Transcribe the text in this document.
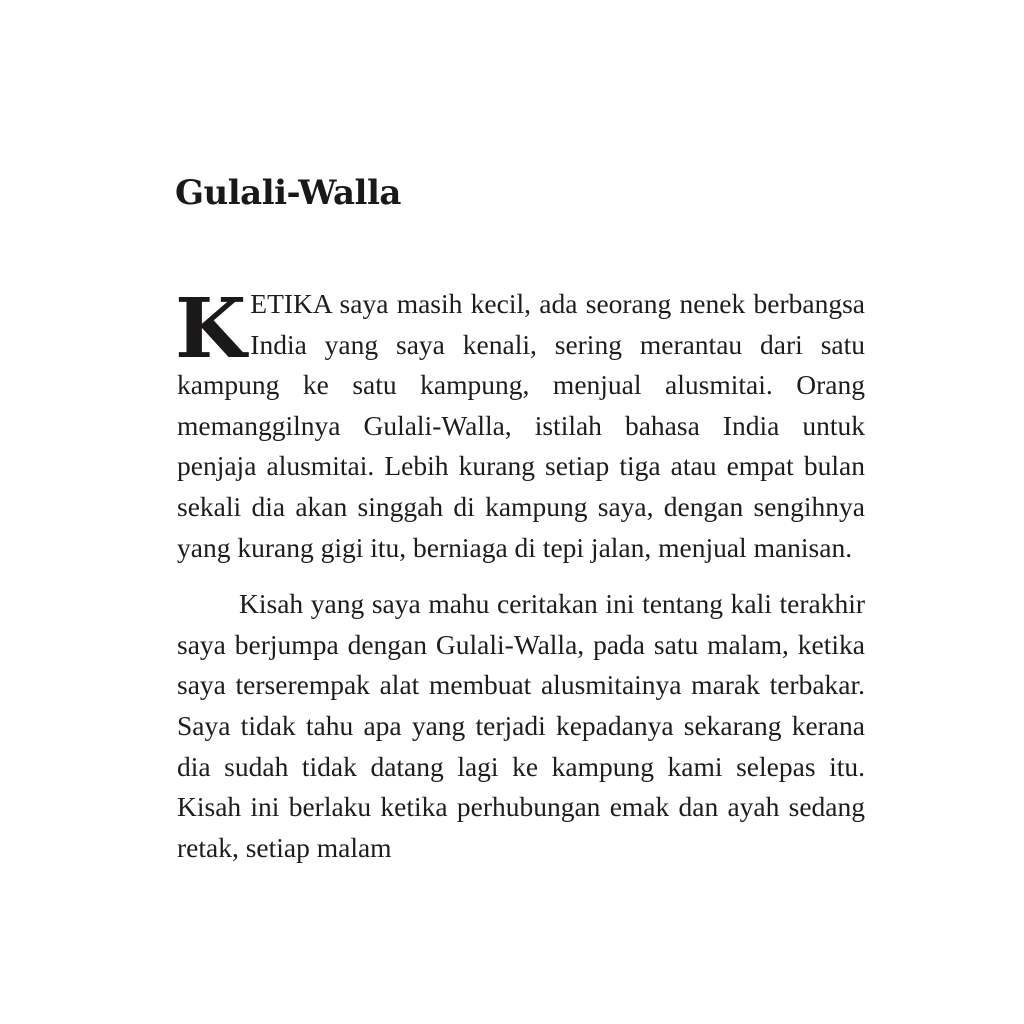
Gulali-Walla

KETIKA saya masih kecil, ada seorang nenek berbangsa India yang saya kenali, sering merantau dari satu kampung ke satu kampung, menjual alusmitai. Orang memanggilnya Gulali-Walla, istilah bahasa India untuk penjaja alusmitai. Lebih kurang setiap tiga atau empat bulan sekali dia akan singgah di kampung saya, dengan sengihnya yang kurang gigi itu, berniaga di tepi jalan, menjual manisan.

Kisah yang saya mahu ceritakan ini tentang kali terakhir saya berjumpa dengan Gulali-Walla, pada satu malam, ketika saya terserempak alat membuat alusmitainya marak terbakar. Saya tidak tahu apa yang terjadi kepadanya sekarang kerana dia sudah tidak datang lagi ke kampung kami selepas itu. Kisah ini berlaku ketika perhubungan emak dan ayah sedang retak, setiap malam
